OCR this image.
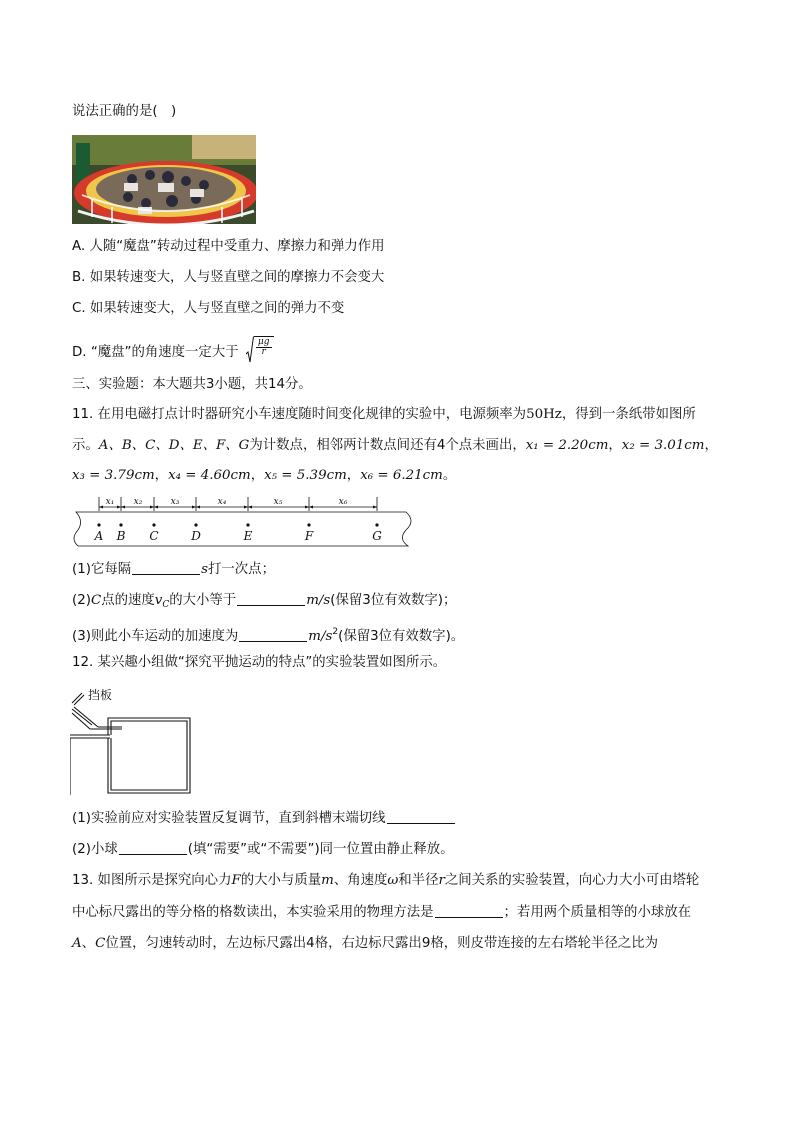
说法正确的是(　)
A. 人随“魔盘”转动过程中受重力、摩擦力和弹力作用
B. 如果转速变大，人与竖直壁之间的摩擦力不会变大
C. 如果转速变大，人与竖直壁之间的弹力不变
D. “魔盘”的角速度一定大于 $\frac{\mu g}{r}$
三、实验题：本大题共3小题，共14分。
11. 在用电磁打点计时器研究小车速度随时间变化规律的实验中，电源频率为50Hz，得到一条纸带如图所
示。A、B、C、D、E、F、G为计数点，相邻两计数点间还有4个点未画出，x₁ = 2.20cm，x₂ = 3.01cm，
x₃ = 3.79cm，x₄ = 4.60cm，x₅ = 5.39cm，x₆ = 6.21cm。
x₁ x₂	x₃	x₄	x₅	x₆
A B C	D	E	F	G
(1)它每隔	s打一次点；
(2)C点的速度$v_C$的大小等于	m/s(保留3位有效数字)；
(3)则此小车运动的加速度为	$m/s^2$(保留3位有效数字)。
12. 某兴趣小组做“探究平抛运动的特点”的实验装置如图所示。
挡板
(1)实验前应对实验装置反复调节，直到斜槽末端切线
(2)小球	(填“需要”或“不需要”)同一位置由静止释放。
13. 如图所示是探究向心力F的大小与质量m、角速度ω和半径r之间关系的实验装置，向心力大小可由塔轮
中心标尺露出的等分格的格数读出，本实验采用的物理方法是	；若用两个质量相等的小球放在
A、C位置，匀速转动时，左边标尺露出4格，右边标尺露出9格，则皮带连接的左右塔轮半径之比为
